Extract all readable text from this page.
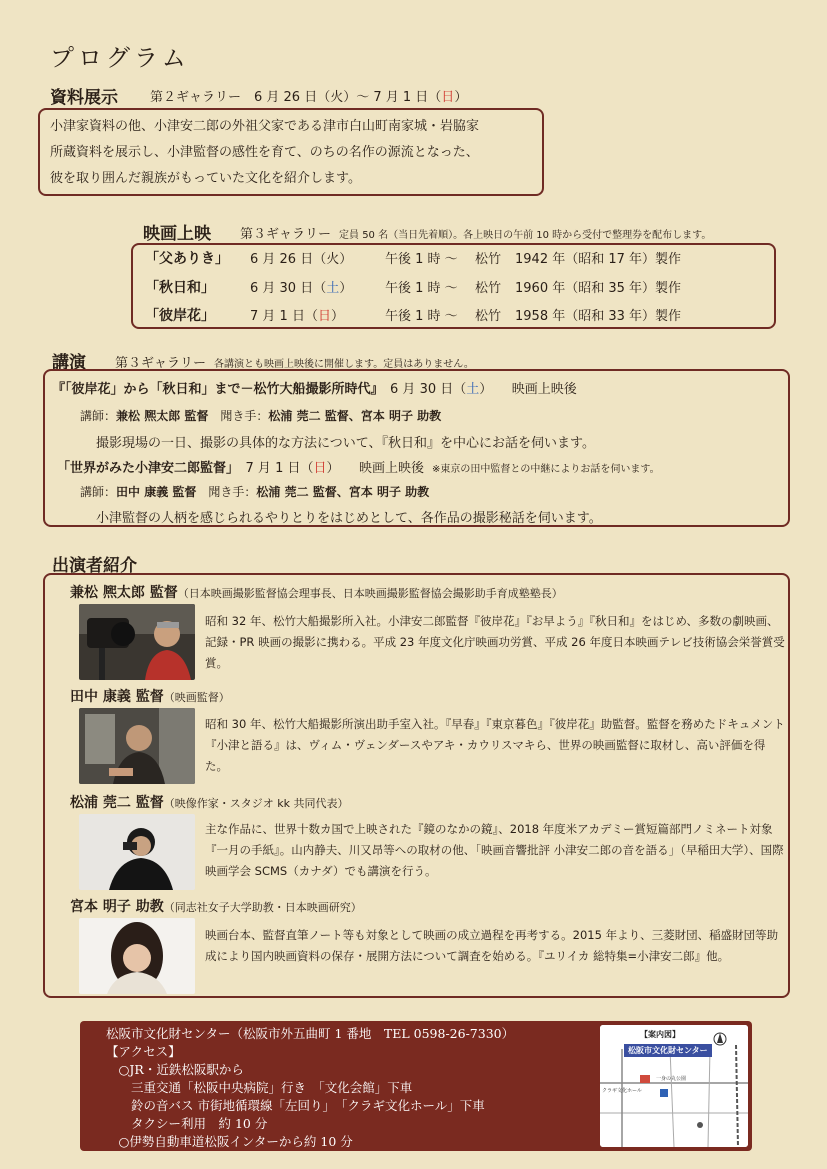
プログラム
資料展示 第２ギャラリー　6 月 26 日（火）～ 7 月 1 日（日）
小津家資料の他、小津安二郎の外祖父家である津市白山町南家城・岩脇家
所蔵資料を展示し、小津監督の感性を育て、のちの名作の源流となった、
彼を取り囲んだ親族がもっていた文化を紹介します。
映画上映 第３ギャラリー 定員 50 名（当日先着順）。各上映日の午前 10 時から受付で整理券を配布します。
「父ありき」 6 月 26 日（火）	午後 1 時 ～ 松竹 1942 年（昭和 17 年）製作
「秋日和」	6 月 30 日（土）	午後 1 時 ～ 松竹 1960 年（昭和 35 年）製作
「彼岸花」	7 月 1 日（日）	午後 1 時 ～ 松竹 1958 年（昭和 33 年）製作
講演 第３ギャラリー 各講演とも映画上映後に開催します。定員はありません。
『「彼岸花」から「秋日和」まで－松竹大船撮影所時代』　 6 月 30 日（土）　　 映画上映後
講師：兼松 熈太郎 監督　 聞き手：松浦 莞二 監督、宮本 明子 助教
撮影現場の一日、撮影の具体的な方法について、『秋日和』を中心にお話を伺います。
「世界がみた小津安二郎監督」　 7 月 1 日（日）　　 映画上映後 ※東京の田中監督との中継によりお話を伺います。
講師：田中 康義 監督　 聞き手：松浦 莞二 監督、宮本 明子 助教
小津監督の人柄を感じられるやりとりをはじめとして、各作品の撮影秘話を伺います。
出演者紹介
兼松 熈太郎 監督（日本映画撮影監督協会理事長、日本映画撮影監督協会撮影助手育成塾塾長）
昭和 32 年、松竹大船撮影所入社。小津安二郎監督『彼岸花』『お早よう』『秋日和』をはじめ、多数の劇映画、記録・PR 映画の撮影に携わる。平成 23 年度文化庁映画功労賞、平成 26 年度日本映画テレビ技術協会栄誉賞受賞。
田中 康義 監督（映画監督）
昭和 30 年、松竹大船撮影所演出助手室入社。『早春』『東京暮色』『彼岸花』助監督。監督を務めたドキュメント『小津と語る』は、ヴィム・ヴェンダースやアキ・カウリスマキら、世界の映画監督に取材し、高い評価を得た。
松浦 莞二 監督（映像作家・スタジオ kk 共同代表）
主な作品に、世界十数カ国で上映された『鏡のなかの鏡』、2018 年度米アカデミー賞短篇部門ノミネート対象『一月の手紙』。山内静夫、川又昂等への取材の他、「映画音響批評 小津安二郎の音を語る」（早稲田大学）、国際映画学会 SCMS（カナダ）でも講演を行う。
宮本 明子 助教（同志社女子大学助教・日本映画研究）
映画台本、監督直筆ノート等も対象として映画の成立過程を再考する。2015 年より、三菱財団、稲盛財団等助成により国内映画資料の保存・展開方法について調査を始める。『ユリイカ 総特集=小津安二郎』他。
松阪市文化財センター（松阪市外五曲町 1 番地　TEL 0598-26-7330）
【アクセス】
　○JR・近鉄松阪駅から
　　三重交通「松阪中央病院」行き　「文化会館」下車
　　鈴の音バス 市街地循環線「左回り」　「クラギ文化ホール」下車
　　タクシー利用　約 10 分
　○伊勢自動車道松阪インターから約 10 分
【案内図】
松阪市文化財センター
クラギ文化ホール
一身の丸公園
